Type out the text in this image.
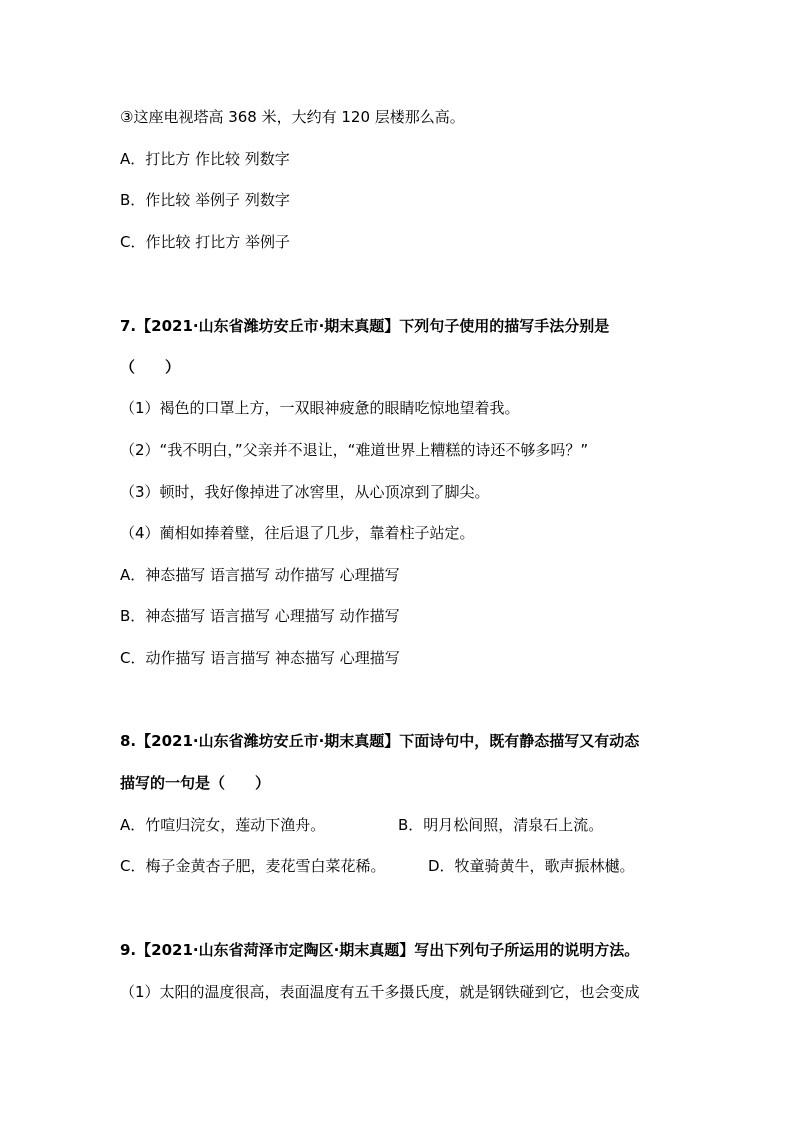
③这座电视塔高 368 米，大约有 120 层楼那么高。
A．打比方 作比较 列数字
B．作比较 举例子 列数字
C．作比较 打比方 举例子
7.【2021·山东省潍坊安丘市·期末真题】下列句子使用的描写手法分别是
（　　）
（1）褐色的口罩上方，一双眼神疲惫的眼睛吃惊地望着我。
（2）“我不明白，”父亲并不退让，“难道世界上糟糕的诗还不够多吗？”
（3）顿时，我好像掉进了冰窖里，从心顶凉到了脚尖。
（4）蔺相如捧着璧，往后退了几步，靠着柱子站定。
A．神态描写 语言描写 动作描写 心理描写
B．神态描写 语言描写 心理描写 动作描写
C．动作描写 语言描写 神态描写 心理描写
8.【2021·山东省潍坊安丘市·期末真题】下面诗句中，既有静态描写又有动态
描写的一句是（　　）
A．竹喧归浣女，莲动下渔舟。	B．明月松间照，清泉石上流。
C．梅子金黄杏子肥，麦花雪白菜花稀。	D．牧童骑黄牛，歌声振林樾。
9.【2021·山东省菏泽市定陶区·期末真题】写出下列句子所运用的说明方法。
（1）太阳的温度很高，表面温度有五千多摄氏度，就是钢铁碰到它，也会变成
